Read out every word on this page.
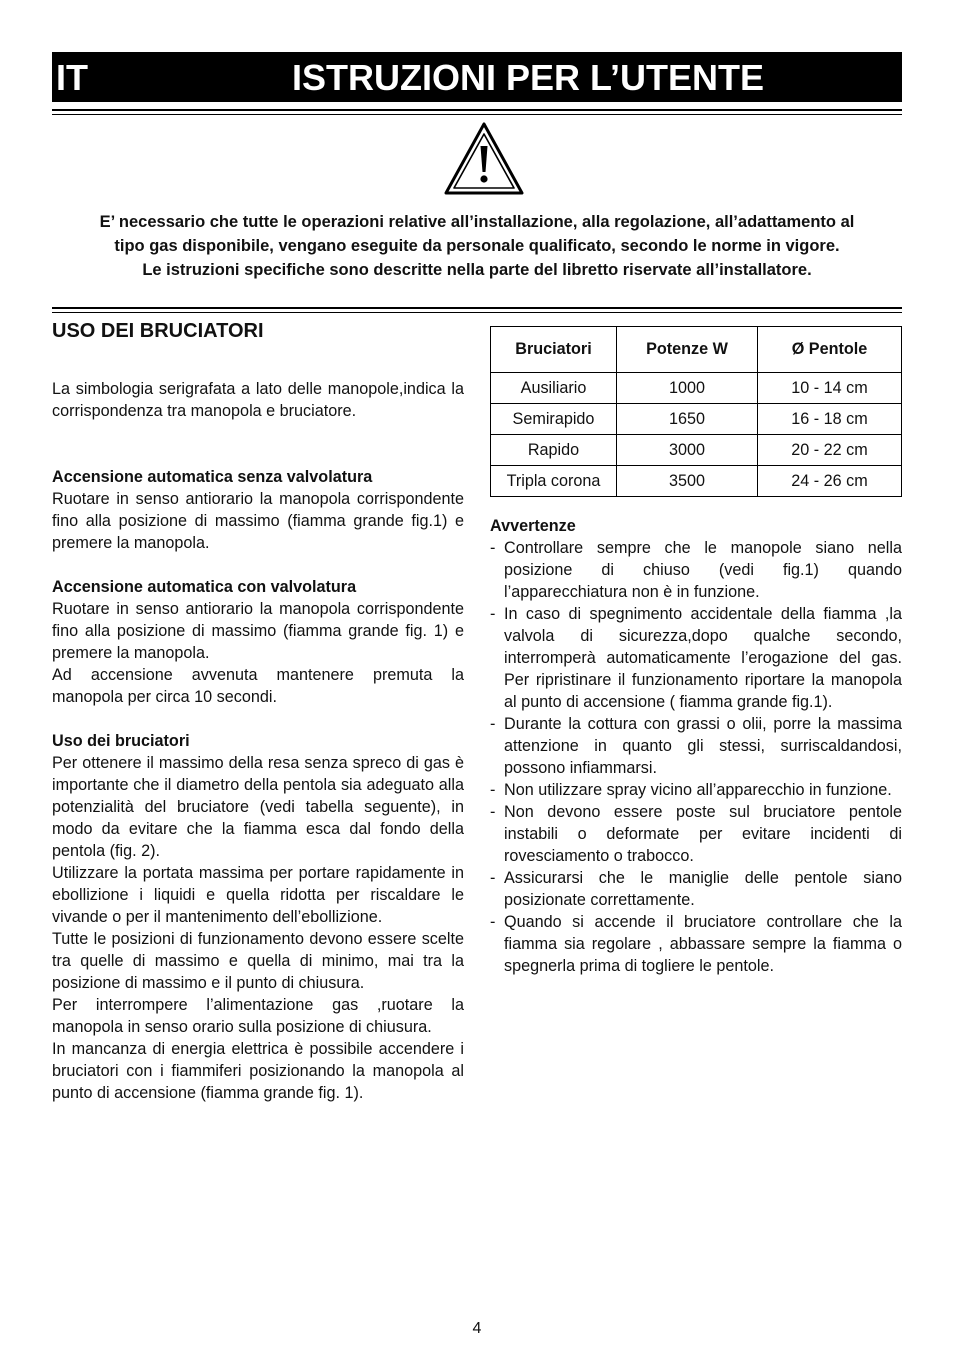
IT	ISTRUZIONI PER L’UTENTE

E’ necessario che tutte le operazioni relative all’installazione, alla regolazione, all’adattamento al

tipo gas disponibile, vengano eseguite da personale qualificato, secondo le norme in vigore.

Le istruzioni specifiche sono descritte nella parte del libretto riservate all’installatore.

USO DEI BRUCIATORI

La simbologia serigrafata a lato delle manopole,indica la corrispondenza tra manopola e bruciatore.

Accensione automatica senza valvolatura

Ruotare in senso antiorario la manopola corrispondente fino alla posizione di massimo (fiamma grande fig.1) e premere la manopola.

Accensione automatica con valvolatura

Ruotare in senso antiorario la manopola corrispondente fino alla posizione di massimo (fiamma grande fig. 1) e premere la manopola.

Ad accensione avvenuta mantenere premuta la manopola per circa 10 secondi.

Uso dei bruciatori

Per ottenere il massimo della resa senza spreco di gas è importante che il diametro della pentola sia adeguato alla potenzialità del bruciatore (vedi tabella seguente), in modo da evitare che la fiamma esca dal fondo della pentola (fig. 2).

Utilizzare la portata massima per portare rapidamente in ebollizione i liquidi e quella ridotta per riscaldare le vivande o per il mantenimento dell’ebollizione.

Tutte le posizioni di funzionamento devono essere scelte tra quelle di massimo e quella di minimo, mai tra la posizione di massimo e il punto di chiusura.

Per interrompere l’alimentazione gas ,ruotare la manopola in senso orario sulla posizione di chiusura.

In mancanza di energia elettrica è possibile accendere i bruciatori con i fiammiferi posizionando la manopola al punto di accensione (fiamma grande fig. 1).

Bruciatori	Potenze W	Ø Pentole
Ausiliario	1000	10 - 14 cm
Semirapido	1650	16 - 18 cm
Rapido	3000	20 - 22 cm
Tripla corona	3500	24 - 26 cm
Avvertenze
- Controllare sempre che le manopole siano nella posizione di chiuso (vedi fig.1) quando l’apparecchiatura non è in funzione.
- In caso di spegnimento accidentale della fiamma ,la valvola di sicurezza,dopo qualche secondo, interromperà automaticamente l’erogazione del gas. Per ripristinare il funzionamento riportare la manopola al punto di accensione ( fiamma grande fig.1).
- Durante la cottura con grassi o olii, porre la massima attenzione in quanto gli stessi, surriscaldandosi, possono infiammarsi.
- Non utilizzare spray vicino all’apparecchio in funzione.
- Non devono essere poste sul bruciatore pentole instabili o deformate per evitare incidenti di rovesciamento o trabocco.
- Assicurarsi che le maniglie delle pentole siano posizionate correttamente.
- Quando si accende il bruciatore controllare che la fiamma sia regolare , abbassare sempre la fiamma o spegnerla prima di togliere le pentole.
4
